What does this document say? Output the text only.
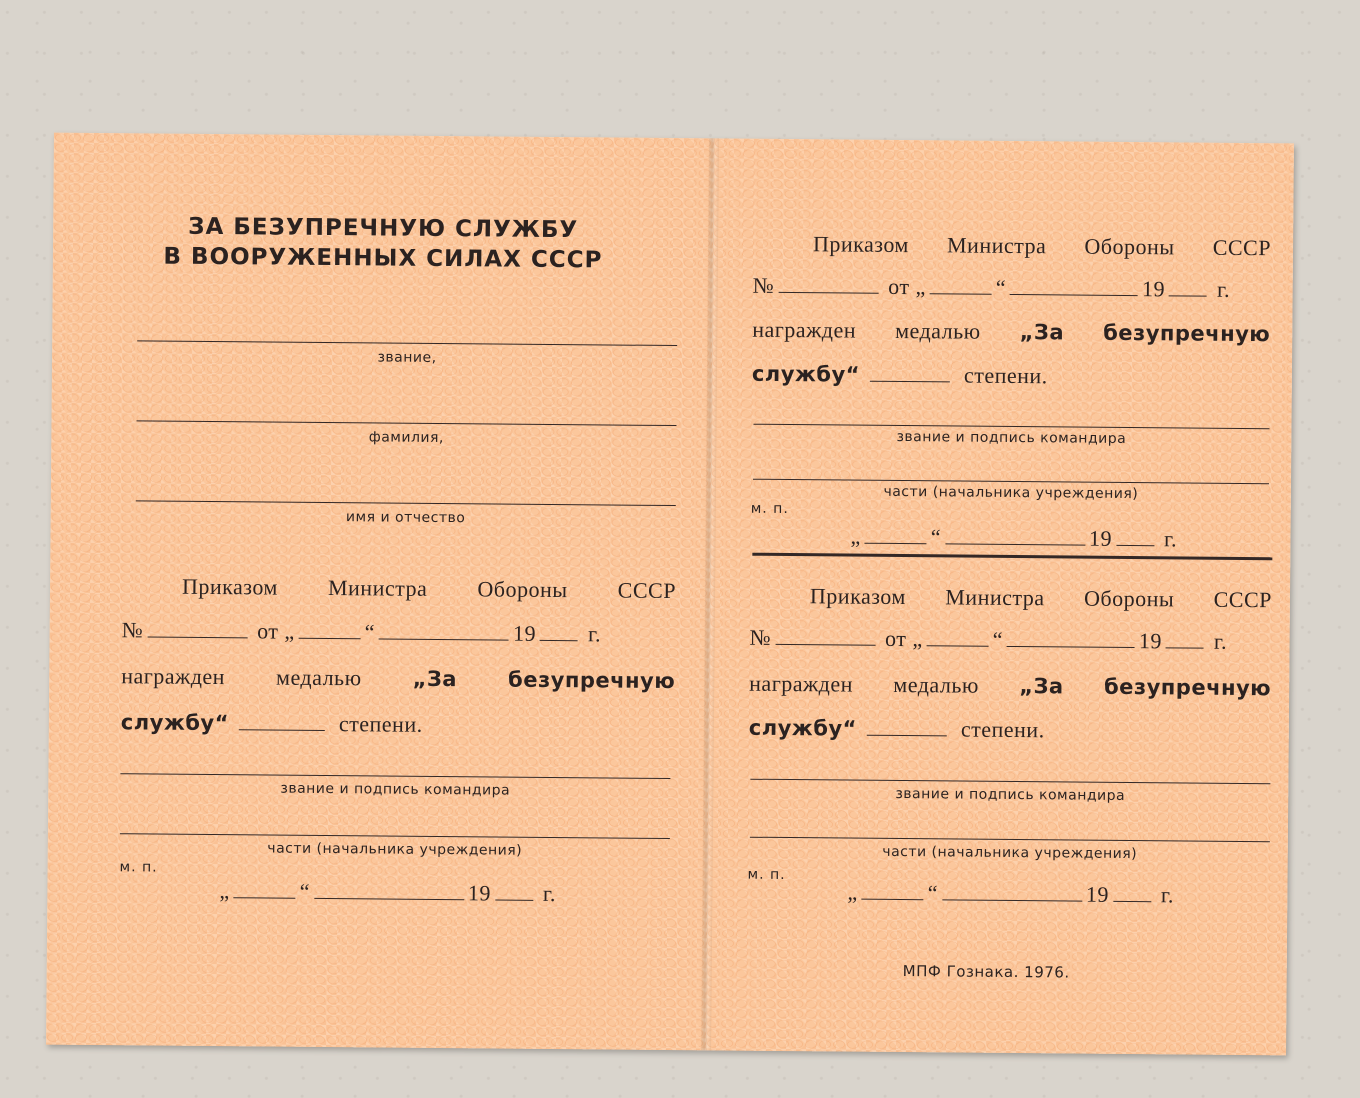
ЗА БЕЗУПРЕЧНУЮ СЛУЖБУ
В ВООРУЖЕННЫХ СИЛАХ СССР
звание,
фамилия,
имя и отчество
Приказом Министра Обороны СССР
№	от „	“	19 г.
награжден медалью „За безупречную
службу“	степени.
звание и подпись командира
части (начальника учреждения)
м. п.
„	“	19 г.
Приказом Министра Обороны СССР
№	от „	“	19 г.
награжден медалью „За безупречную
службу“	степени.
звание и подпись командира
части (начальника учреждения)
м. п.
„	“	19 г.
Приказом Министра Обороны СССР
№	от „	“	19 г.
награжден медалью „За безупречную
службу“	степени.
звание и подпись командира
части (начальника учреждения)
м. п.
„	“	19 г.
МПФ Гознака. 1976.
